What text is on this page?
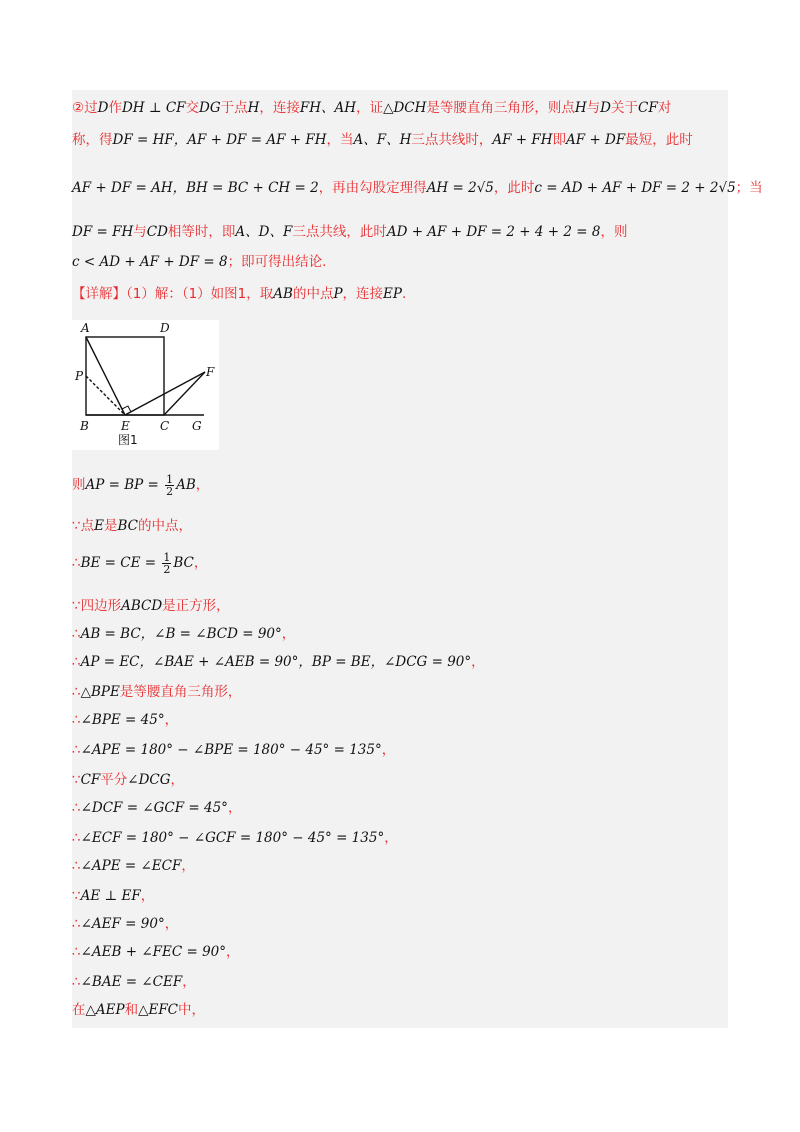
②过D作DH ⊥ CF交DG于点H，连接FH、AH，证△DCH是等腰直角三角形，则点H与D关于CF对
称，得DF = HF，AF + DF = AF + FH，当A、F、H三点共线时，AF + FH即AF + DF最短，此时
AF + DF = AH，BH = BC + CH = 2，再由勾股定理得AH = 2√5，此时c = AD + AF + DF = 2 + 2√5；当
DF = FH与CD相等时，即A、D、F三点共线，此时AD + AF + DF = 2 + 4 + 2 = 8，则
c < AD + AF + DF = 8；即可得出结论.
【详解】（1）解：（1）如图1，取AB的中点P，连接EP.
A	D
P	F
B	E	C G
图1
则AP = BP = $\frac{1}{2}$ AB，
∵点E是BC的中点，
∴BE = CE = $\frac{1}{2}$ BC，
∵四边形ABCD是正方形，
∴AB = BC，∠B = ∠BCD = 90°，
∴AP = EC，∠BAE + ∠AEB = 90°，BP = BE，∠DCG = 90°，
∴△BPE是等腰直角三角形，
∴∠BPE = 45°，
∴∠APE = 180° − ∠BPE = 180° − 45° = 135°，
∵CF平分∠DCG，
∴∠DCF = ∠GCF = 45°，
∴∠ECF = 180° − ∠GCF = 180° − 45° = 135°，
∴∠APE = ∠ECF，
∵AE ⊥ EF，
∴∠AEF = 90°，
∴∠AEB + ∠FEC = 90°，
∴∠BAE = ∠CEF，
在△AEP和△EFC中，
